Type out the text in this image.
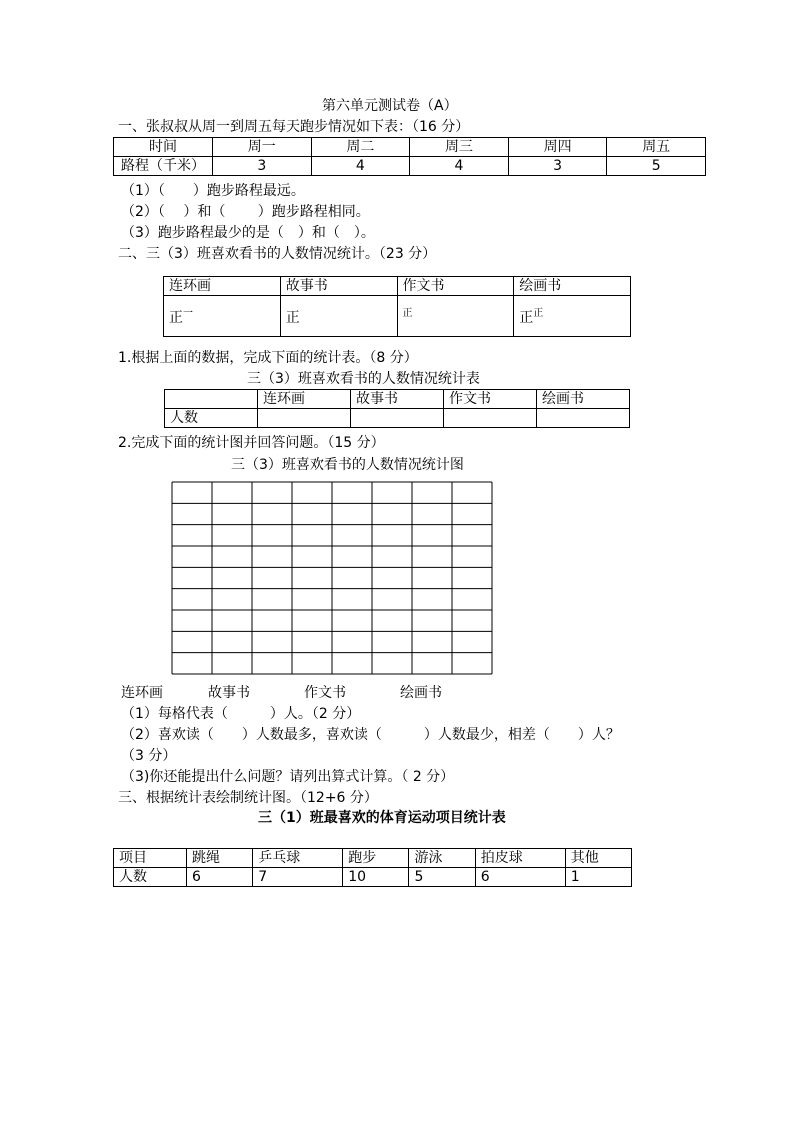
第六单元测试卷（A）
一、张叔叔从周一到周五每天跑步情况如下表：（16 分）
时间	周一	周二	周三	周四	周五
路程（千米）	3	4	4	3	5
（1）（　　）跑步路程最远。
（2）（　 ）和（　　 ）跑步路程相同。
（3）跑步路程最少的是（　）和（　）。
二、三（3）班喜欢看书的人数情况统计。（23 分）
连环画	故事书	作文书	绘画书
正$^一$	正	$^正$	正$^正$
1.根据上面的数据，完成下面的统计表。（8 分）
三（3）班喜欢看书的人数情况统计表
	连环画	故事书	作文书	绘画书
人数				
2.完成下面的统计图并回答问题。（15 分）
三（3）班喜欢看书的人数情况统计图
连环画	故事书	作文书	绘画书
（1）每格代表（　　　）人。（2 分）
（2）喜欢读（　　）人数最多，喜欢读（　　　）人数最少，相差（　　）人？
（3 分）
（3)你还能提出什么问题？请列出算式计算。（ 2 分）
三、根据统计表绘制统计图。（12+6 分）
三（1）班最喜欢的体育运动项目统计表
项目	跳绳	乒乓球	跑步	游泳	拍皮球	其他
人数	6	7	10	5	6	1
